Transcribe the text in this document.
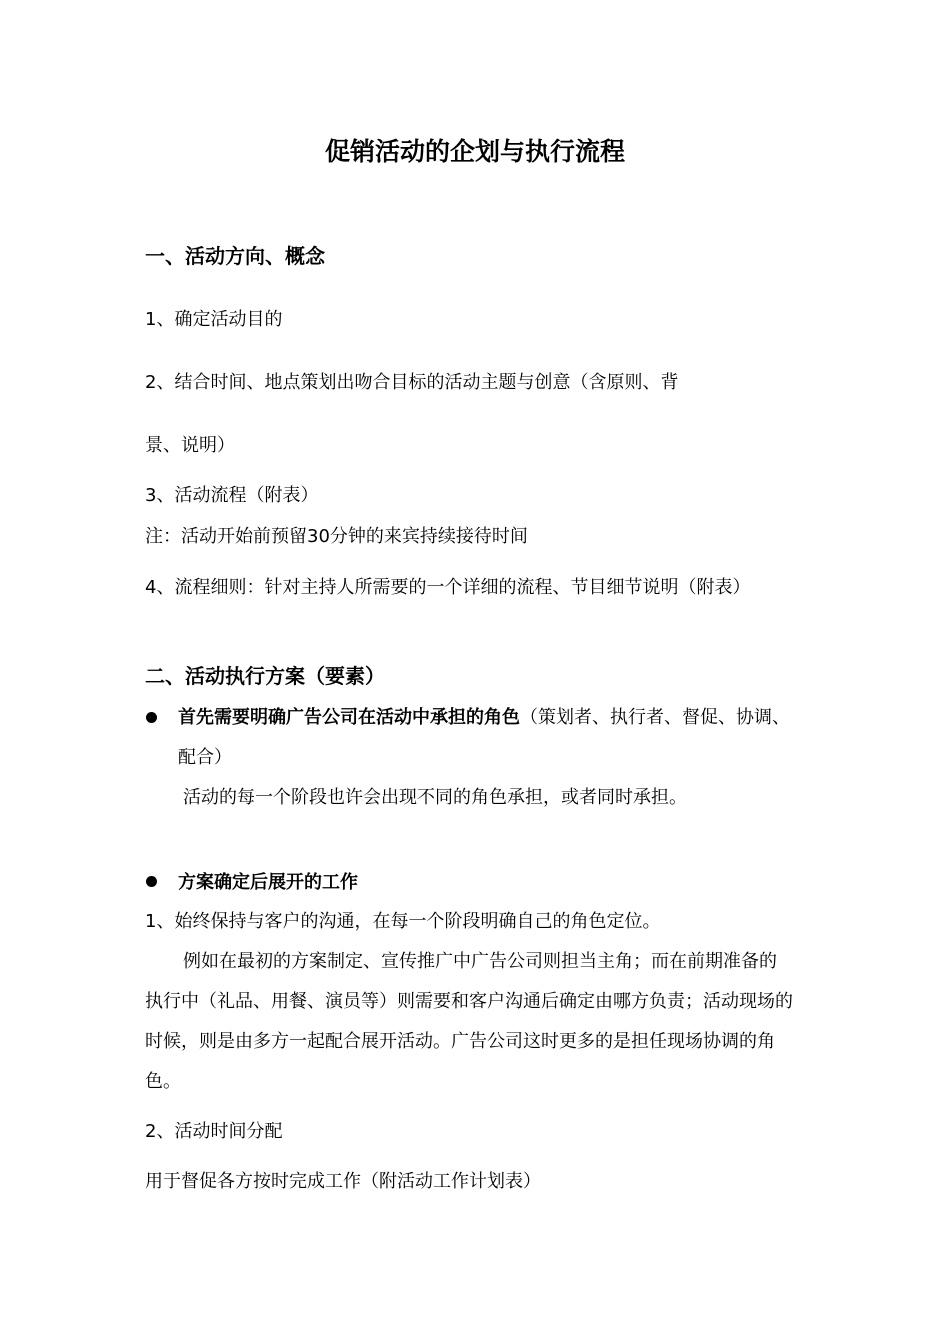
促销活动的企划与执行流程
一、活动方向、概念

1、确定活动目的

2、结合时间、地点策划出吻合目标的活动主题与创意（含原则、背

景、说明）

3、活动流程（附表）

注：活动开始前预留30分钟的来宾持续接待时间

4、流程细则：针对主持人所需要的一个详细的流程、节目细节说明（附表）

二、活动执行方案（要素）

首先需要明确广告公司在活动中承担的角色（策划者、执行者、督促、协调、

配合）

活动的每一个阶段也许会出现不同的角色承担，或者同时承担。

方案确定后展开的工作

1、始终保持与客户的沟通，在每一个阶段明确自己的角色定位。

例如在最初的方案制定、宣传推广中广告公司则担当主角；而在前期准备的

执行中（礼品、用餐、演员等）则需要和客户沟通后确定由哪方负责；活动现场的

时候，则是由多方一起配合展开活动。广告公司这时更多的是担任现场协调的角

色。

2、活动时间分配

用于督促各方按时完成工作（附活动工作计划表）
